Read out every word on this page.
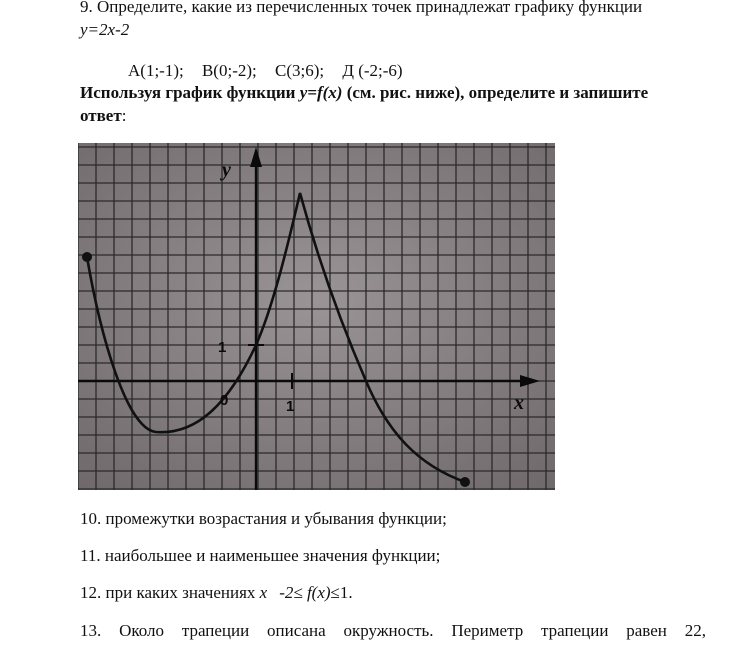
9. Определите, какие из перечисленных точек принадлежат графику функции
y=2x-2
A(1;-1); B(0;-2); C(3;6); Д (-2;-6)
Используя график функции y=f(x) (см. рис. ниже), определите и запишите
ответ:
y
x
0	1
1
10. промежутки возрастания и убывания функции;
11. наибольшее и наименьшее значения функции;
12. при каких значениях x -2≤ f(x)≤1.
13. Около трапеции описана окружность. Периметр трапеции равен 22,
